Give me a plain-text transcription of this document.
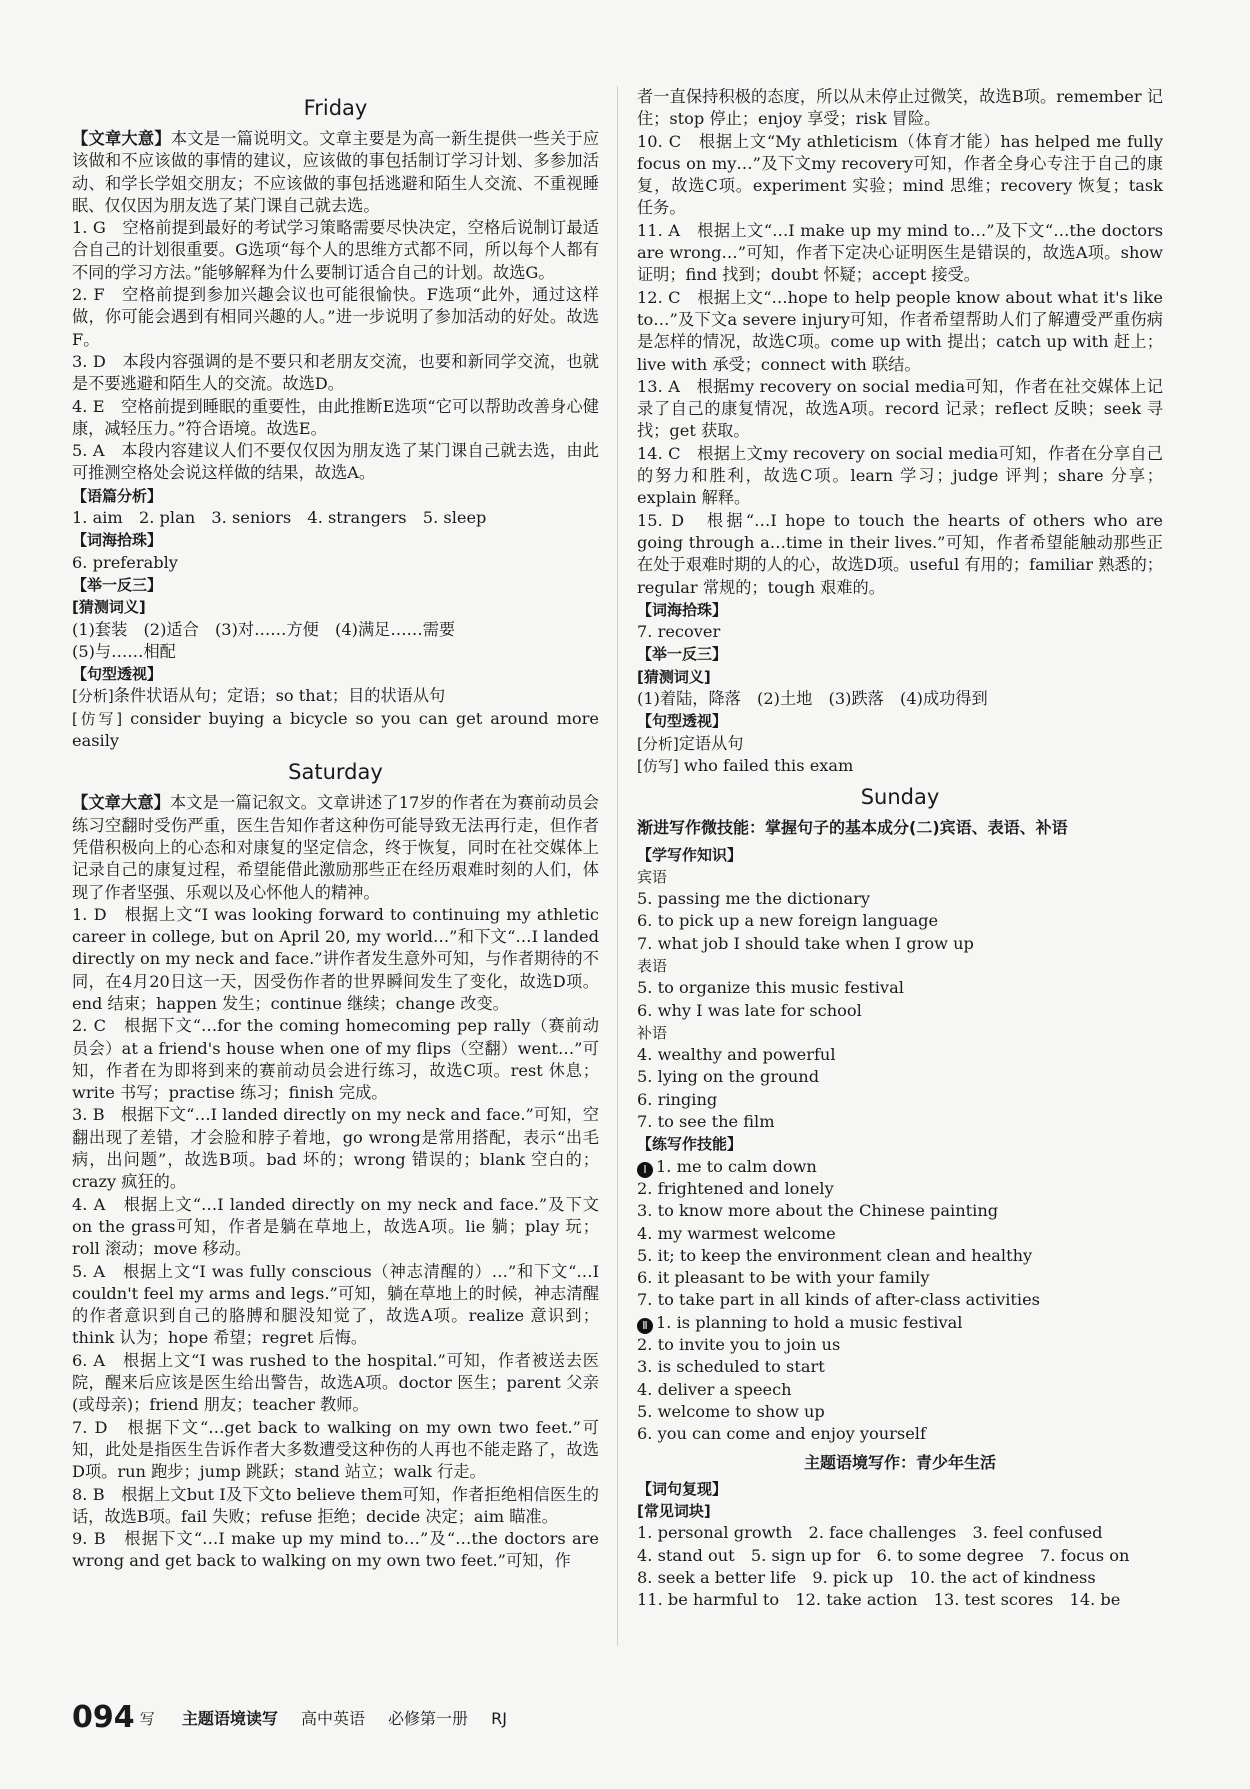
Friday

【文章大意】本文是一篇说明文。文章主要是为高一新生提供一些关于应该做和不应该做的事情的建议，应该做的事包括制订学习计划、多参加活动、和学长学姐交朋友；不应该做的事包括逃避和陌生人交流、不重视睡眠、仅仅因为朋友选了某门课自己就去选。

1. G　空格前提到最好的考试学习策略需要尽快决定，空格后说制订最适合自己的计划很重要。G选项“每个人的思维方式都不同，所以每个人都有不同的学习方法。”能够解释为什么要制订适合自己的计划。故选G。

2. F　空格前提到参加兴趣会议也可能很愉快。F选项“此外，通过这样做，你可能会遇到有相同兴趣的人。”进一步说明了参加活动的好处。故选F。

3. D　本段内容强调的是不要只和老朋友交流，也要和新同学交流，也就是不要逃避和陌生人的交流。故选D。

4. E　空格前提到睡眠的重要性，由此推断E选项“它可以帮助改善身心健康，减轻压力。”符合语境。故选E。

5. A　本段内容建议人们不要仅仅因为朋友选了某门课自己就去选，由此可推测空格处会说这样做的结果，故选A。

【语篇分析】

1. aim　2. plan　3. seniors　4. strangers　5. sleep

【词海拾珠】

6. preferably

【举一反三】

[猜测词义]

(1)套装　(2)适合　(3)对……方便　(4)满足……需要

(5)与……相配

【句型透视】

[分析]条件状语从句；定语；so that；目的状语从句

[仿写] consider buying a bicycle so you can get around more easily

Saturday

【文章大意】本文是一篇记叙文。文章讲述了17岁的作者在为赛前动员会练习空翻时受伤严重，医生告知作者这种伤可能导致无法再行走，但作者凭借积极向上的心态和对康复的坚定信念，终于恢复，同时在社交媒体上记录自己的康复过程，希望能借此激励那些正在经历艰难时刻的人们，体现了作者坚强、乐观以及心怀他人的精神。

1. D　根据上文“I was looking forward to continuing my athletic career in college, but on April 20, my world…”和下文“…I landed directly on my neck and face.”讲作者发生意外可知，与作者期待的不同，在4月20日这一天，因受伤作者的世界瞬间发生了变化，故选D项。end 结束；happen 发生；continue 继续；change 改变。

2. C　根据下文“…for the coming homecoming pep rally（赛前动员会）at a friend's house when one of my flips（空翻）went…”可知，作者在为即将到来的赛前动员会进行练习，故选C项。rest 休息；write 书写；practise 练习；finish 完成。

3. B　根据下文“…I landed directly on my neck and face.”可知，空翻出现了差错，才会脸和脖子着地，go wrong是常用搭配，表示“出毛病，出问题”，故选B项。bad 坏的；wrong 错误的；blank 空白的；crazy 疯狂的。

4. A　根据上文“…I landed directly on my neck and face.”及下文on the grass可知，作者是躺在草地上，故选A项。lie 躺；play 玩；roll 滚动；move 移动。

5. A　根据上文“I was fully conscious（神志清醒的）…”和下文“…I couldn't feel my arms and legs.”可知，躺在草地上的时候，神志清醒的作者意识到自己的胳膊和腿没知觉了，故选A项。realize 意识到；think 认为；hope 希望；regret 后悔。

6. A　根据上文“I was rushed to the hospital.”可知，作者被送去医院，醒来后应该是医生给出警告，故选A项。doctor 医生；parent 父亲(或母亲)；friend 朋友；teacher 教师。

7. D　根据下文“…get back to walking on my own two feet.”可知，此处是指医生告诉作者大多数遭受这种伤的人再也不能走路了，故选D项。run 跑步；jump 跳跃；stand 站立；walk 行走。

8. B　根据上文but I及下文to believe them可知，作者拒绝相信医生的话，故选B项。fail 失败；refuse 拒绝；decide 决定；aim 瞄准。

9. B　根据下文“…I make up my mind to…”及“…the doctors are wrong and get back to walking on my own two feet.”可知，作

者一直保持积极的态度，所以从未停止过微笑，故选B项。remember 记住；stop 停止；enjoy 享受；risk 冒险。

10. C　根据上文“My athleticism（体育才能）has helped me fully focus on my…”及下文my recovery可知，作者全身心专注于自己的康复，故选C项。experiment 实验；mind 思维；recovery 恢复；task 任务。

11. A　根据上文“…I make up my mind to…”及下文“…the doctors are wrong…”可知，作者下定决心证明医生是错误的，故选A项。show 证明；find 找到；doubt 怀疑；accept 接受。

12. C　根据上文“…hope to help people know about what it's like to…”及下文a severe injury可知，作者希望帮助人们了解遭受严重伤病是怎样的情况，故选C项。come up with 提出；catch up with 赶上；live with 承受；connect with 联结。

13. A　根据my recovery on social media可知，作者在社交媒体上记录了自己的康复情况，故选A项。record 记录；reflect 反映；seek 寻找；get 获取。

14. C　根据上文my recovery on social media可知，作者在分享自己的努力和胜利，故选C项。learn 学习；judge 评判；share 分享；explain 解释。

15. D　根据“…I hope to touch the hearts of others who are going through a…time in their lives.”可知，作者希望能触动那些正在处于艰难时期的人的心，故选D项。useful 有用的；familiar 熟悉的；regular 常规的；tough 艰难的。

【词海拾珠】

7. recover

【举一反三】

[猜测词义]

(1)着陆，降落　(2)土地　(3)跌落　(4)成功得到

【句型透视】

[分析]定语从句

[仿写] who failed this exam

Sunday

渐进写作微技能：掌握句子的基本成分(二)宾语、表语、补语

【学写作知识】

宾语

5. passing me the dictionary

6. to pick up a new foreign language

7. what job I should take when I grow up

表语

5. to organize this music festival

6. why I was late for school

补语

4. wealthy and powerful

5. lying on the ground

6. ringing

7. to see the film

【练写作技能】

Ⅰ 1. me to calm down

2. frightened and lonely

3. to know more about the Chinese painting

4. my warmest welcome

5. it; to keep the environment clean and healthy

6. it pleasant to be with your family

7. to take part in all kinds of after-class activities

Ⅱ 1. is planning to hold a music festival

2. to invite you to join us

3. is scheduled to start

4. deliver a speech

5. welcome to show up

6. you can come and enjoy yourself

主题语境写作：青少年生活

【词句复现】

[常见词块]

1. personal growth　2. face challenges　3. feel confused

4. stand out　5. sign up for　6. to some degree　7. focus on

8. seek a better life　9. pick up　10. the act of kindness

11. be harmful to　12. take action　13. test scores　14. be

094 写 主题语境读写 高中英语 必修第一册 RJ
